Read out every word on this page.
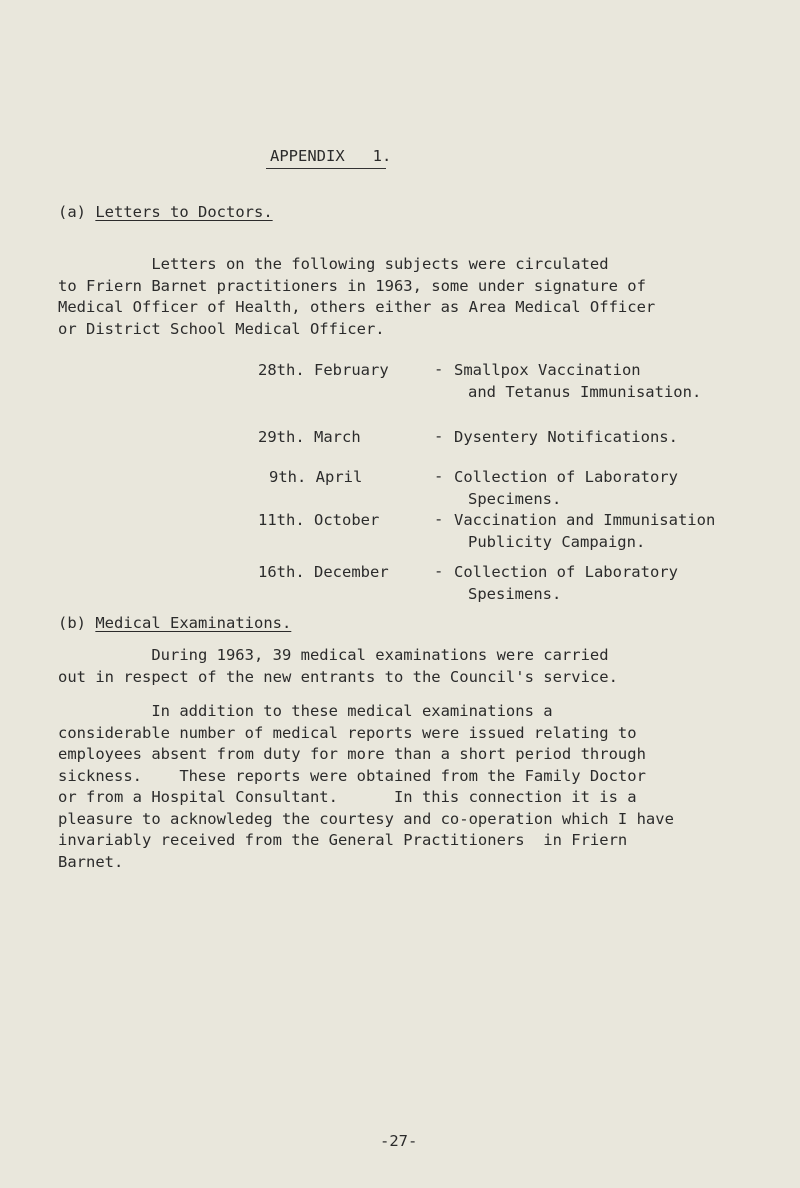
APPENDIX   1.
(a) Letters to Doctors.
Letters on the following subjects were circulated
to Friern Barnet practitioners in 1963, some under signature of
Medical Officer of Health, others either as Area Medical Officer
or District School Medical Officer.
28th. February	- Smallpox Vaccination
and Tetanus Immunisation.
29th. March	- Dysentery Notifications.
9th. April	- Collection of Laboratory
Specimens.
11th. October	- Vaccination and Immunisation
Publicity Campaign.
16th. December	- Collection of Laboratory
Spesimens.
(b) Medical Examinations.
During 1963, 39 medical examinations were carried
out in respect of the new entrants to the Council's service.
In addition to these medical examinations a
considerable number of medical reports were issued relating to
employees absent from duty for more than a short period through
sickness.    These reports were obtained from the Family Doctor
or from a Hospital Consultant.      In this connection it is a
pleasure to acknowledeg the courtesy and co-operation which I have
invariably received from the General Practitioners  in Friern
Barnet.
-27-
